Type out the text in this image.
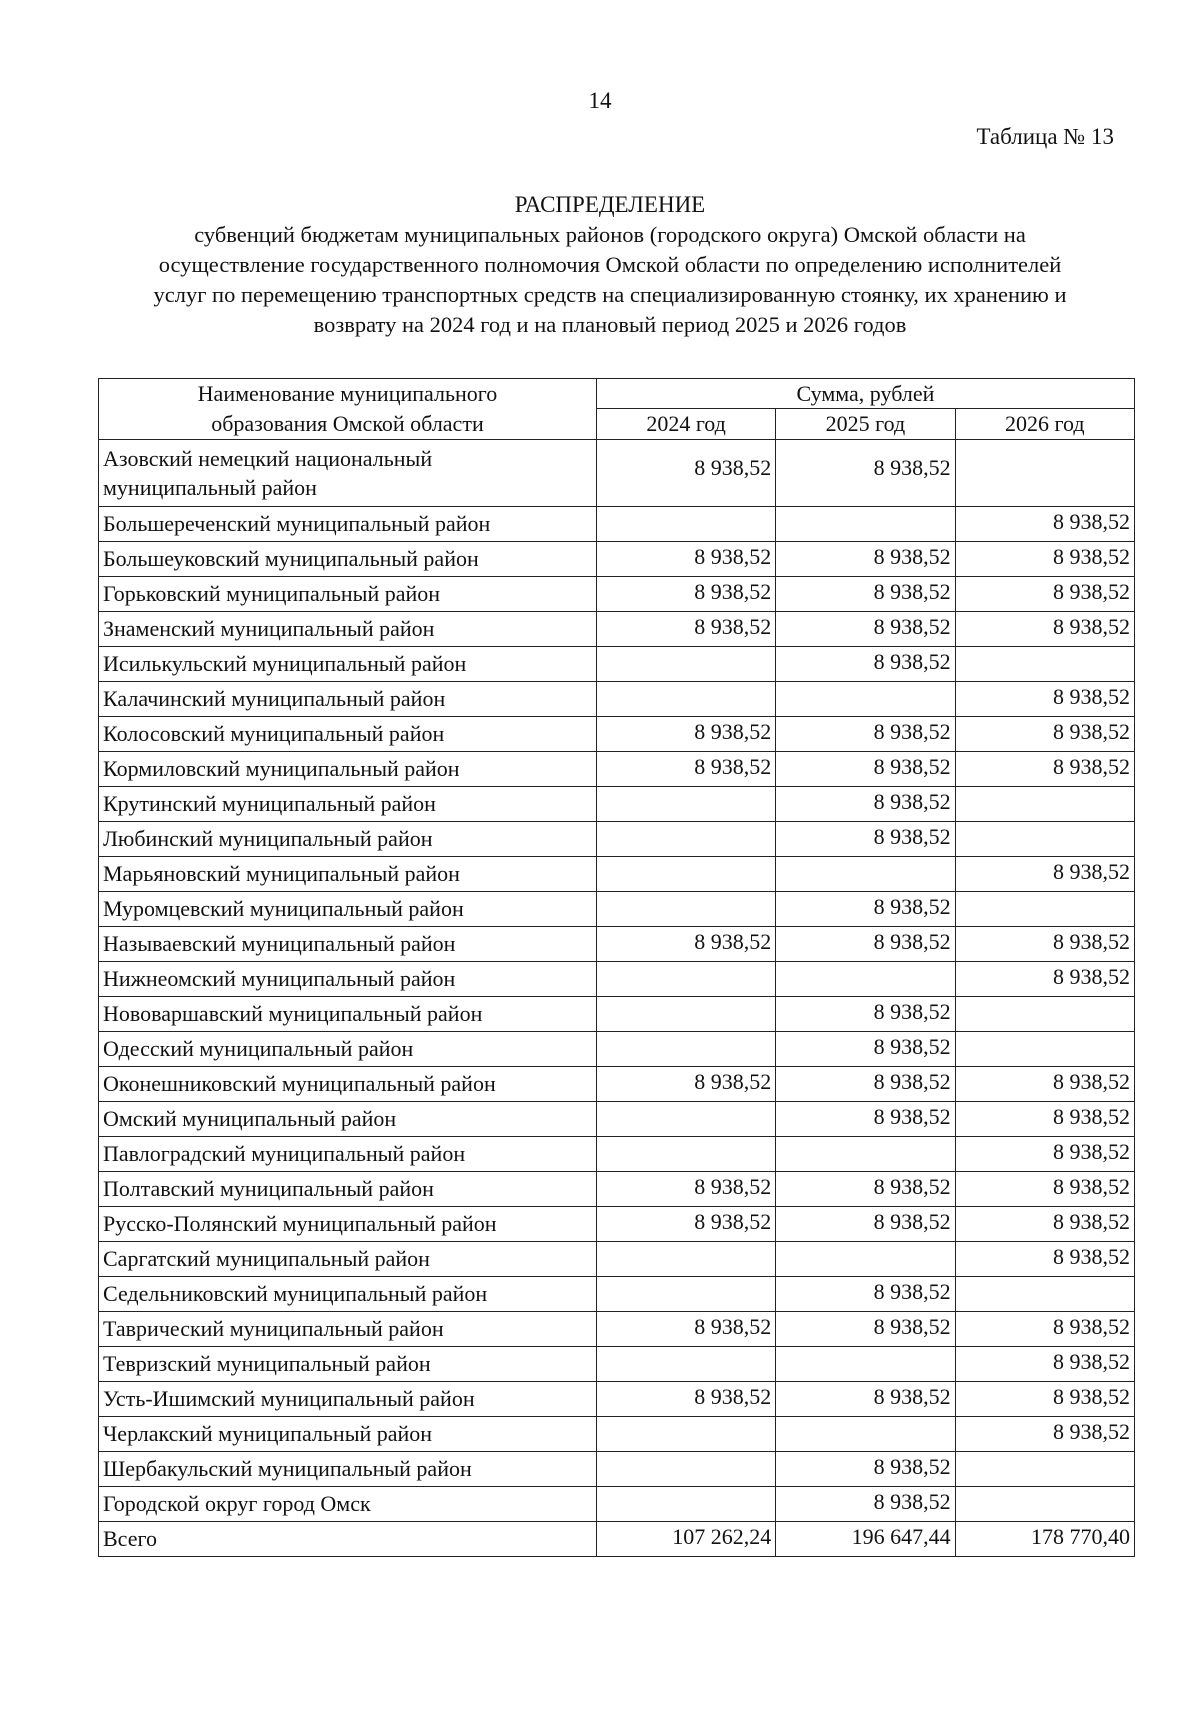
14
Таблица № 13
РАСПРЕДЕЛЕНИЕ
субвенций бюджетам муниципальных районов (городского округа) Омской области на
осуществление государственного полномочия Омской области по определению исполнителей
услуг по перемещению транспортных средств на специализированную стоянку, их хранению и
возврату на 2024 год и на плановый период 2025 и 2026 годов
Наименование муниципального
образования Омской области	Сумма, рублей		
	2024 год	2025 год	2026 год

Азовский немецкий национальный
муниципальный район	8 938,52	8 938,52	
Большереченский муниципальный район			8 938,52
Большеуковский муниципальный район	8 938,52	8 938,52	8 938,52
Горьковский муниципальный район	8 938,52	8 938,52	8 938,52
Знаменский муниципальный район	8 938,52	8 938,52	8 938,52
Исилькульский муниципальный район		8 938,52	
Калачинский муниципальный район			8 938,52
Колосовский муниципальный район	8 938,52	8 938,52	8 938,52
Кормиловский муниципальный район	8 938,52	8 938,52	8 938,52
Крутинский муниципальный район		8 938,52	
Любинский муниципальный район		8 938,52	
Марьяновский муниципальный район			8 938,52
Муромцевский муниципальный район		8 938,52	
Называевский муниципальный район	8 938,52	8 938,52	8 938,52
Нижнеомский муниципальный район			8 938,52
Нововаршавский муниципальный район		8 938,52	
Одесский муниципальный район		8 938,52	
Оконешниковский муниципальный район	8 938,52	8 938,52	8 938,52
Омский муниципальный район		8 938,52	8 938,52
Павлоградский муниципальный район			8 938,52
Полтавский муниципальный район	8 938,52	8 938,52	8 938,52
Русско-Полянский муниципальный район	8 938,52	8 938,52	8 938,52
Саргатский муниципальный район			8 938,52
Седельниковский муниципальный район		8 938,52	
Таврический муниципальный район	8 938,52	8 938,52	8 938,52
Тевризский муниципальный район			8 938,52
Усть-Ишимский муниципальный район	8 938,52	8 938,52	8 938,52
Черлакский муниципальный район			8 938,52
Шербакульский муниципальный район		8 938,52	
Городской округ город Омск		8 938,52	
Всего	107 262,24	196 647,44	178 770,40
